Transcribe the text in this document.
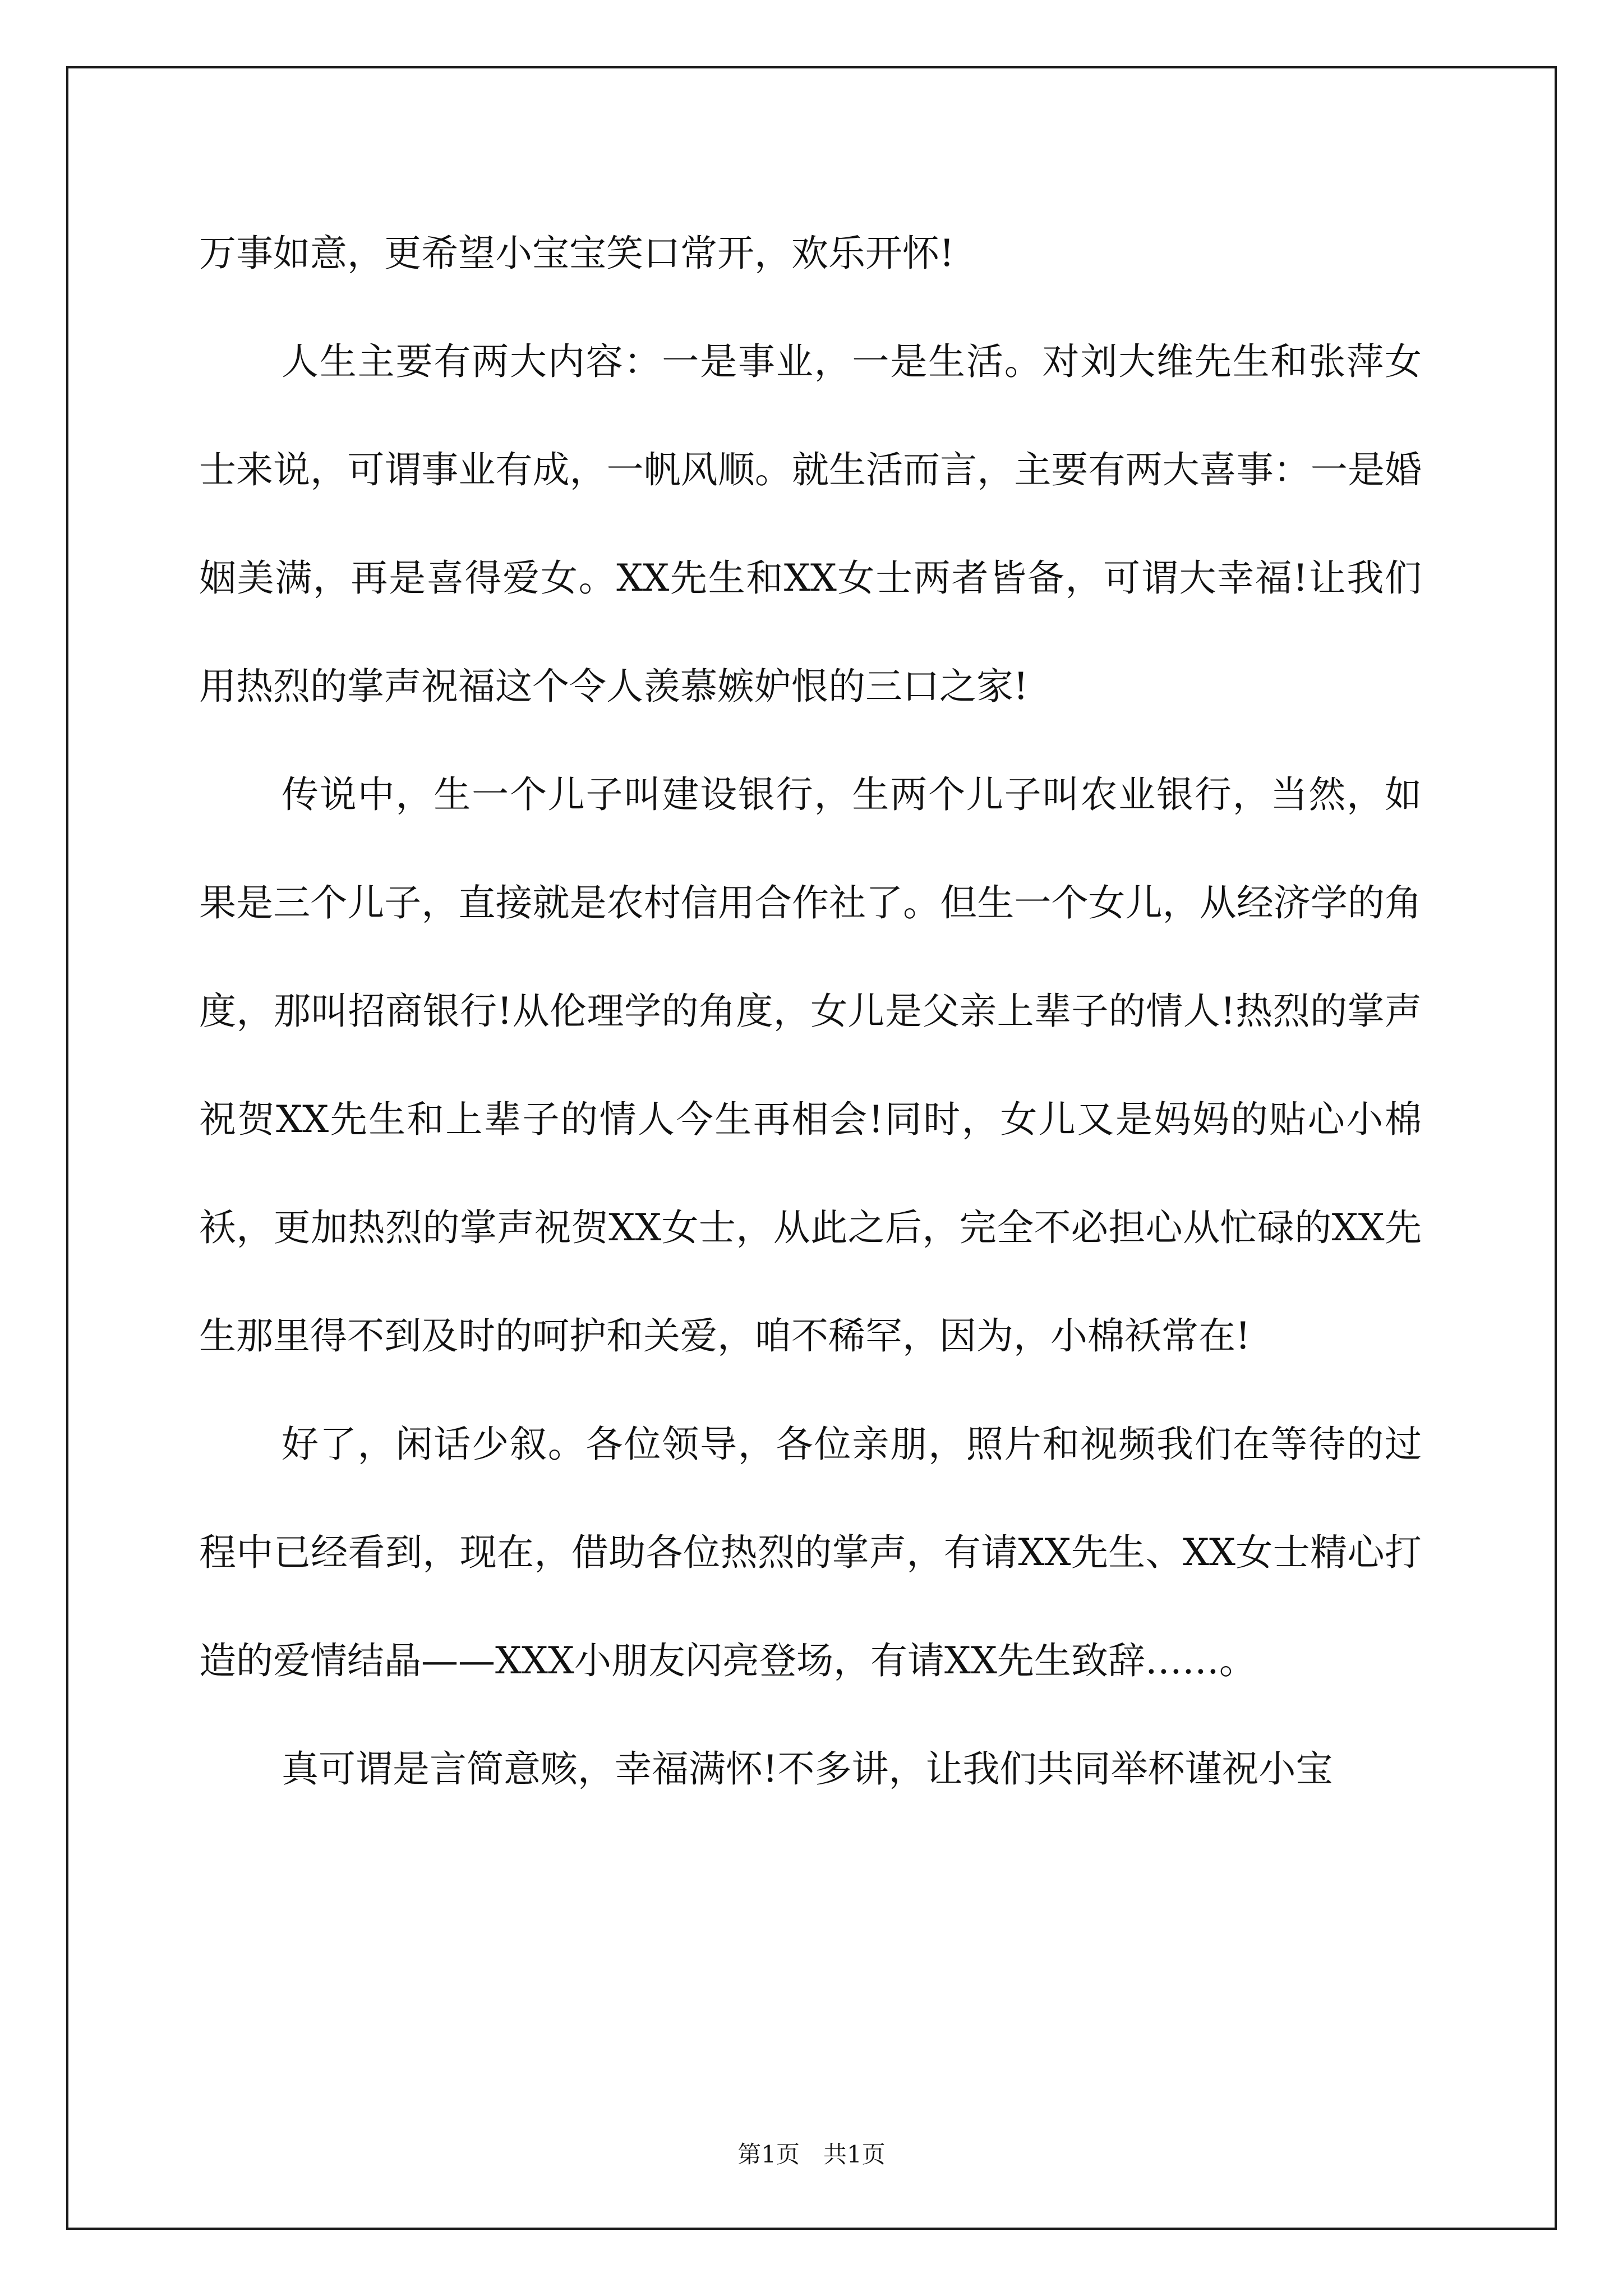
万事如意，更希望小宝宝笑口常开，欢乐开怀!

人生主要有两大内容：一是事业，一是生活。对刘大维先生和张萍女士来说，可谓事业有成，一帆风顺。就生活而言，主要有两大喜事：一是婚姻美满，再是喜得爱女。XX先生和XX女士两者皆备，可谓大幸福!让我们用热烈的掌声祝福这个令人羡慕嫉妒恨的三口之家!

传说中，生一个儿子叫建设银行，生两个儿子叫农业银行，当然，如果是三个儿子，直接就是农村信用合作社了。但生一个女儿，从经济学的角度，那叫招商银行!从伦理学的角度，女儿是父亲上辈子的情人!热烈的掌声祝贺XX先生和上辈子的情人今生再相会!同时，女儿又是妈妈的贴心小棉袄，更加热烈的掌声祝贺XX女士，从此之后，完全不必担心从忙碌的XX先生那里得不到及时的呵护和关爱，咱不稀罕，因为，小棉袄常在!

好了，闲话少叙。各位领导，各位亲朋，照片和视频我们在等待的过程中已经看到，现在，借助各位热烈的掌声，有请XX先生、XX女士精心打造的爱情结晶——XXX小朋友闪亮登场，有请XX先生致辞……。

真可谓是言简意赅，幸福满怀!不多讲，让我们共同举杯谨祝小宝

第1页　共1页
